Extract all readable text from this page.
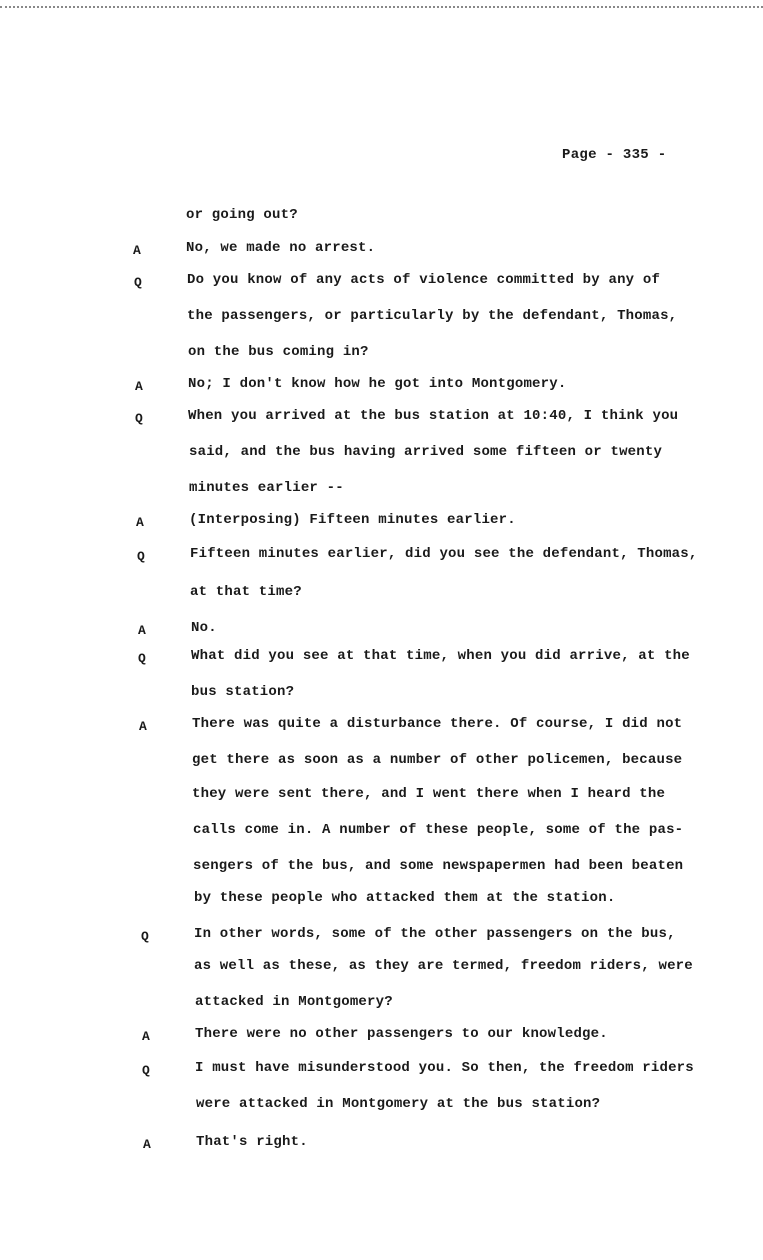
Page - 335 -
or going out?
A	No, we made no arrest.
Q	Do you know of any acts of violence committed by any of
the passengers, or particularly by the defendant, Thomas,
on the bus coming in?
A	No; I don't know how he got into Montgomery.
Q	When you arrived at the bus station at 10:40, I think you
said, and the bus having arrived some fifteen or twenty
minutes earlier --
A	(Interposing) Fifteen minutes earlier.
Q	Fifteen minutes earlier, did you see the defendant, Thomas,
at that time?
A	No.
Q	What did you see at that time, when you did arrive, at the
bus station?
A	There was quite a disturbance there. Of course, I did not
get there as soon as a number of other policemen, because
they were sent there, and I went there when I heard the
calls come in. A number of these people, some of the pas-
sengers of the bus, and some newspapermen had been beaten
by these people who attacked them at the station.
Q	In other words, some of the other passengers on the bus,
as well as these, as they are termed, freedom riders, were
attacked in Montgomery?
A	There were no other passengers to our knowledge.
Q	I must have misunderstood you. So then, the freedom riders
were attacked in Montgomery at the bus station?
A	That's right.
